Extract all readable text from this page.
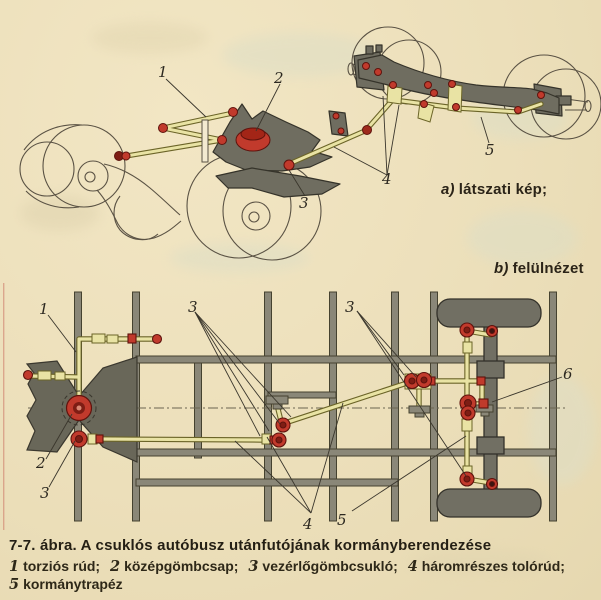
1	2
3
4
5
1
2
3
3	3
4 5
6
a) látszati kép;
b) felülnézet
7-7. ábra. A csuklós autóbusz utánfutójának kormányberendezése
1 torziós rúd; 2 középgömbcsap; 3 vezérlőgömbcsukló; 4 háromrészes tolórúd; 5 kormánytrapéz
